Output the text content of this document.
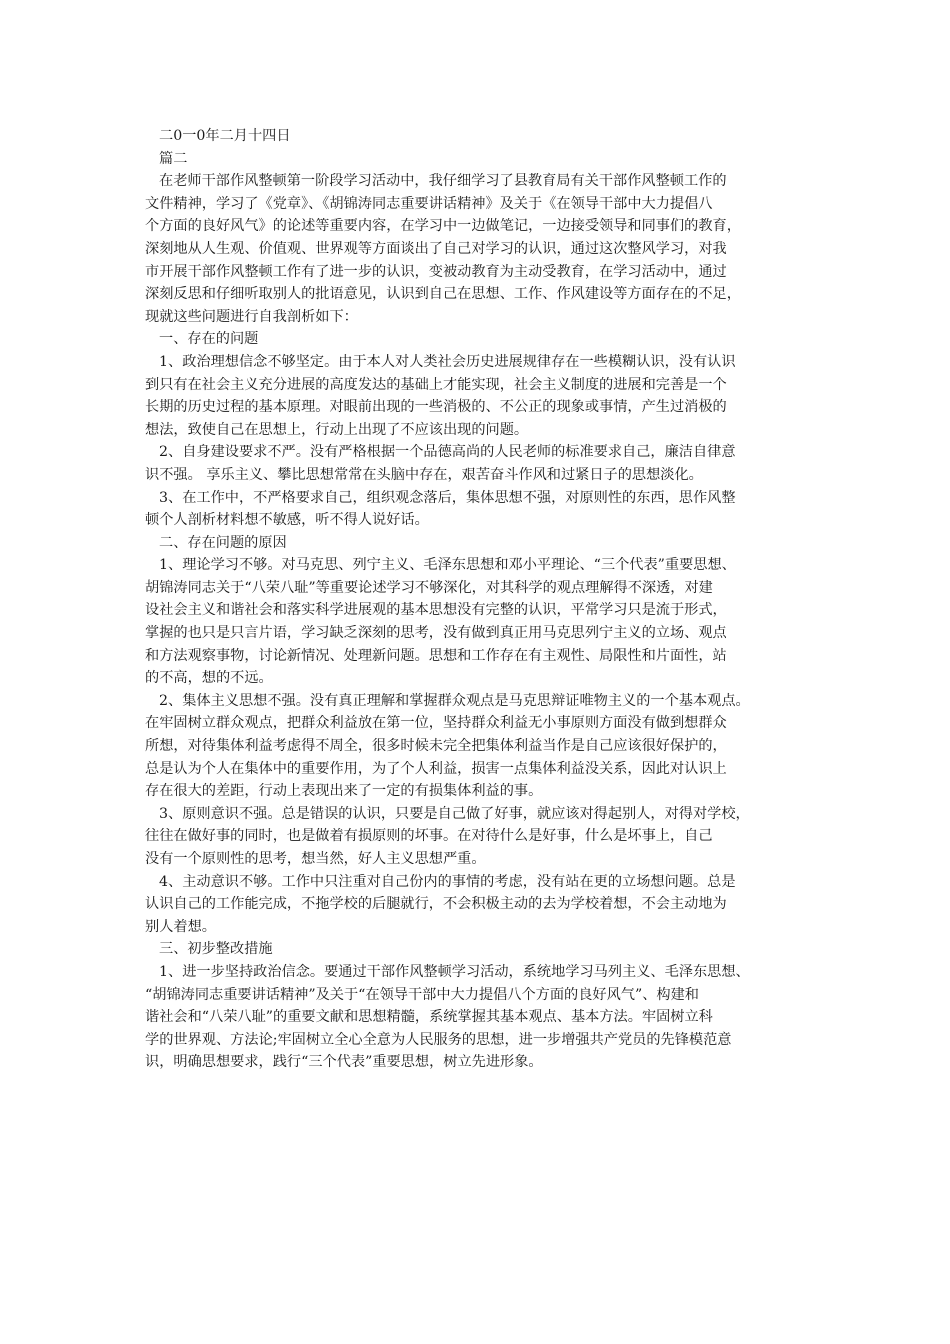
二0一0年二月十四日
篇二
在老师干部作风整顿第一阶段学习活动中，我仔细学习了县教育局有关干部作风整顿工作的
文件精神，学习了《党章》、《胡锦涛同志重要讲话精神》及关于《在领导干部中大力提倡八
个方面的良好风气》的论述等重要内容，在学习中一边做笔记，一边接受领导和同事们的教育，
深刻地从人生观、价值观、世界观等方面谈出了自己对学习的认识，通过这次整风学习，对我
市开展干部作风整顿工作有了进一步的认识，变被动教育为主动受教育，在学习活动中，通过
深刻反思和仔细听取别人的批语意见，认识到自己在思想、工作、作风建设等方面存在的不足，
现就这些问题进行自我剖析如下：
一、存在的问题
1、政治理想信念不够坚定。由于本人对人类社会历史进展规律存在一些模糊认识，没有认识
到只有在社会主义充分进展的高度发达的基础上才能实现，社会主义制度的进展和完善是一个
长期的历史过程的基本原理。对眼前出现的一些消极的、不公正的现象或事情，产生过消极的
想法，致使自己在思想上，行动上出现了不应该出现的问题。
2、自身建设要求不严。没有严格根据一个品德高尚的人民老师的标准要求自己，廉洁自律意
识不强。 享乐主义、攀比思想常常在头脑中存在，艰苦奋斗作风和过紧日子的思想淡化。
3、在工作中，不严格要求自己，组织观念落后，集体思想不强，对原则性的东西，思作风整
顿个人剖析材料想不敏感，听不得人说好话。
二、存在问题的原因
1、理论学习不够。对马克思、列宁主义、毛泽东思想和邓小平理论、“三个代表”重要思想、
胡锦涛同志关于“八荣八耻”等重要论述学习不够深化，对其科学的观点理解得不深透，对建
设社会主义和谐社会和落实科学进展观的基本思想没有完整的认识，平常学习只是流于形式，
掌握的也只是只言片语，学习缺乏深刻的思考，没有做到真正用马克思列宁主义的立场、观点
和方法观察事物，讨论新情况、处理新问题。思想和工作存在有主观性、局限性和片面性，站
的不高，想的不远。
2、集体主义思想不强。没有真正理解和掌握群众观点是马克思辩证唯物主义的一个基本观点。
在牢固树立群众观点，把群众利益放在第一位，坚持群众利益无小事原则方面没有做到想群众
所想，对待集体利益考虑得不周全，很多时候未完全把集体利益当作是自己应该很好保护的，
总是认为个人在集体中的重要作用，为了个人利益，损害一点集体利益没关系，因此对认识上
存在很大的差距，行动上表现出来了一定的有损集体利益的事。
3、原则意识不强。总是错误的认识，只要是自己做了好事，就应该对得起别人，对得对学校，
往往在做好事的同时，也是做着有损原则的坏事。在对待什么是好事，什么是坏事上，自己
没有一个原则性的思考，想当然，好人主义思想严重。
4、主动意识不够。工作中只注重对自己份内的事情的考虑，没有站在更的立场想问题。总是
认识自己的工作能完成，不拖学校的后腿就行，不会积极主动的去为学校着想，不会主动地为
别人着想。
三、初步整改措施
1、进一步坚持政治信念。要通过干部作风整顿学习活动，系统地学习马列主义、毛泽东思想、
“胡锦涛同志重要讲话精神”及关于“在领导干部中大力提倡八个方面的良好风气”、构建和
谐社会和“八荣八耻”的重要文献和思想精髓，系统掌握其基本观点、基本方法。牢固树立科
学的世界观、方法论;牢固树立全心全意为人民服务的思想，进一步增强共产党员的先锋模范意
识，明确思想要求，践行“三个代表”重要思想，树立先进形象。
